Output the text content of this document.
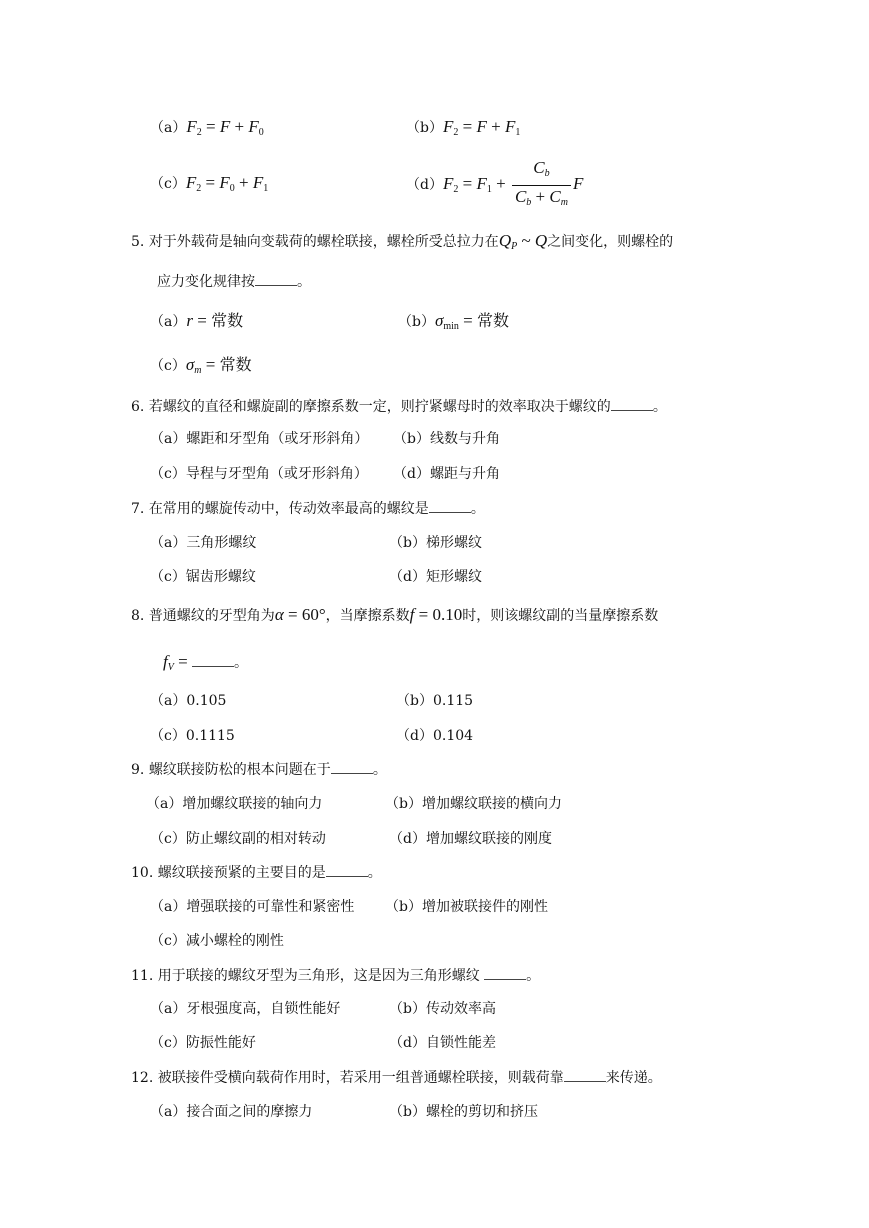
$(a)F_2 = F + F_0$	$(b)F_2 = F + F_1$
$(c)F_2 = F_0 + F_1$	$(d)F_2 = F_1 + \frac{Cb}{Cb + Cm}$ F
5. 对于外载荷是轴向变载荷的螺栓联接，螺栓所受总拉力在QP ~ Q之间变化，则螺栓的
应力变化规律按	。
（a）r = 常数	$(b)\sigma_{min}$ = 常数
（c）σm = 常数
6. 若螺纹的直径和螺旋副的摩擦系数一定，则拧紧螺母时的效率取决于螺纹的	。
（a）螺距和牙型角（或牙形斜角） （b）线数与升角
（c）导程与牙型角（或牙形斜角） （d）螺距与升角
7. 在常用的螺旋传动中，传动效率最高的螺纹是	。
（a）三角形螺纹	（b）梯形螺纹
（c）锯齿形螺纹	（d）矩形螺纹
8. 普通螺纹的牙型角为α = 60°，当摩擦系数f = 0.10时，则该螺纹副的当量摩擦系数
fV =	。
（a）0.105	（b）0.115
（c）0.1115	（d）0.104
9. 螺纹联接防松的根本问题在于	。
（a）增加螺纹联接的轴向力	（b）增加螺纹联接的横向力
（c）防止螺纹副的相对转动	（d）增加螺纹联接的刚度
10. 螺纹联接预紧的主要目的是	。
（a）增强联接的可靠性和紧密性 （b）增加被联接件的刚性
（c）减小螺栓的刚性
11. 用于联接的螺纹牙型为三角形，这是因为三角形螺纹	。
（a）牙根强度高，自锁性能好	（b）传动效率高
（c）防振性能好	（d）自锁性能差
12. 被联接件受横向载荷作用时，若采用一组普通螺栓联接，则载荷靠	来传递。
（a）接合面之间的摩擦力	（b）螺栓的剪切和挤压
